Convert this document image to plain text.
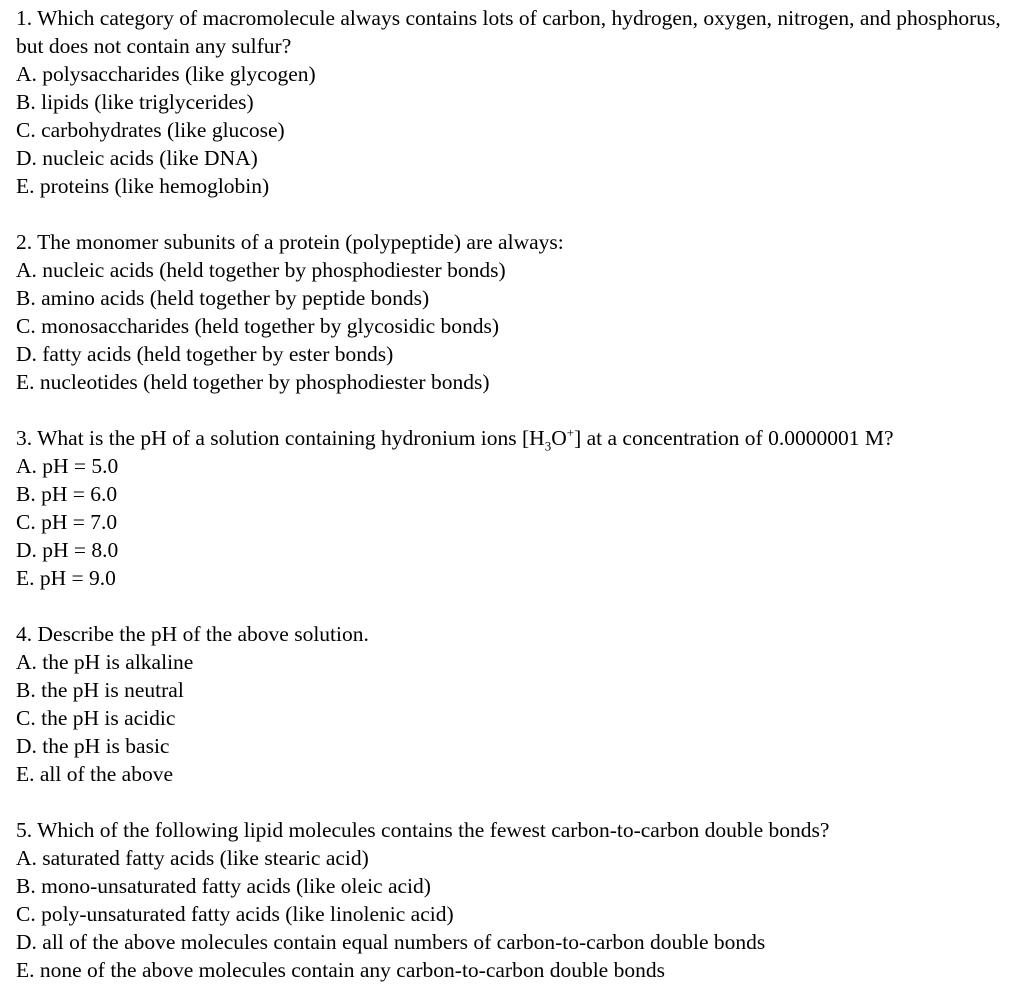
1. Which category of macromolecule always contains lots of carbon, hydrogen, oxygen, nitrogen, and phosphorus, but does not contain any sulfur?
A. polysaccharides (like glycogen)
B. lipids (like triglycerides)
C. carbohydrates (like glucose)
D. nucleic acids (like DNA)
E. proteins (like hemoglobin)
2. The monomer subunits of a protein (polypeptide) are always:
A. nucleic acids (held together by phosphodiester bonds)
B. amino acids (held together by peptide bonds)
C. monosaccharides (held together by glycosidic bonds)
D. fatty acids (held together by ester bonds)
E. nucleotides (held together by phosphodiester bonds)
3. What is the pH of a solution containing hydronium ions $[H_3O^+]$ at a concentration of 0.0000001 M?
A. pH = 5.0
B. pH = 6.0
C. pH = 7.0
D. pH = 8.0
E. pH = 9.0
4. Describe the pH of the above solution.
A. the pH is alkaline
B. the pH is neutral
C. the pH is acidic
D. the pH is basic
E. all of the above
5. Which of the following lipid molecules contains the fewest carbon-to-carbon double bonds?
A. saturated fatty acids (like stearic acid)
B. mono-unsaturated fatty acids (like oleic acid)
C. poly-unsaturated fatty acids (like linolenic acid)
D. all of the above molecules contain equal numbers of carbon-to-carbon double bonds
E. none of the above molecules contain any carbon-to-carbon double bonds
